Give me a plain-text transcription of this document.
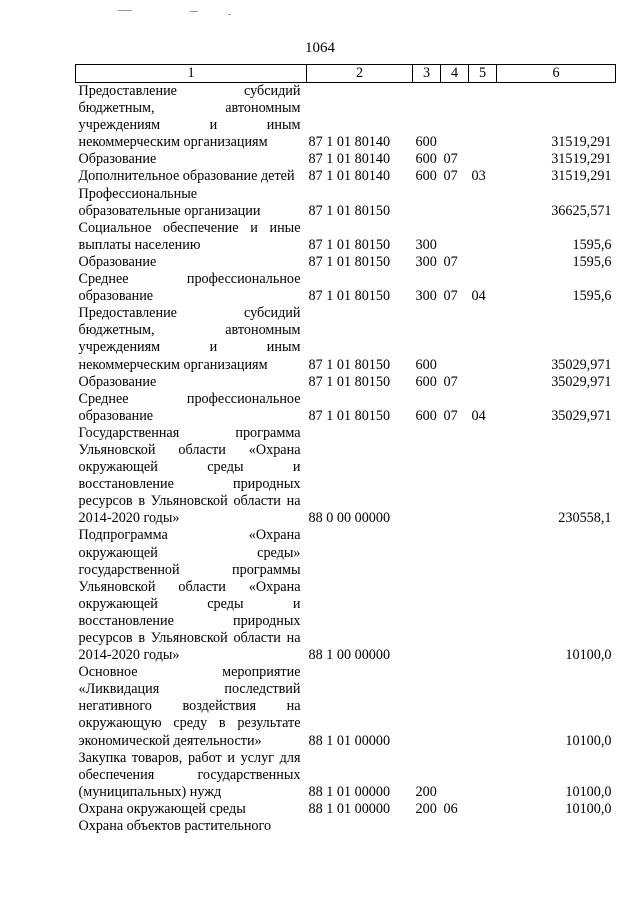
1064
1	2	3	4	5	6
Предоставление субсидий бюджетным, автономным учреждениям и иным некоммерческим организациям	87 1 01 80140	600			31519,291
Образование	87 1 01 80140	600	07		31519,291
Дополнительное образование детей	87 1 01 80140	600	07	03	31519,291
Профессиональные образовательные организации	87 1 01 80150				36625,571
Социальное обеспечение и иные выплаты населению	87 1 01 80150	300			1595,6
Образование	87 1 01 80150	300	07		1595,6
Среднее профессиональное образование	87 1 01 80150	300	07	04	1595,6
Предоставление субсидий бюджетным, автономным учреждениям и иным некоммерческим организациям	87 1 01 80150	600			35029,971
Образование	87 1 01 80150	600	07		35029,971
Среднее профессиональное образование	87 1 01 80150	600	07	04	35029,971
Государственная программа Ульяновской области «Охрана окружающей среды и восстановление природных ресурсов в Ульяновской области на 2014-2020 годы»	88 0 00 00000				230558,1
Подпрограмма «Охрана окружающей среды» государственной программы Ульяновской области «Охрана окружающей среды и восстановление природных ресурсов в Ульяновской области на 2014-2020 годы»	88 1 00 00000				10100,0
Основное мероприятие «Ликвидация последствий негативного воздействия на окружающую среду в результате экономической деятельности»	88 1 01 00000				10100,0
Закупка товаров, работ и услуг для обеспечения государственных (муниципальных) нужд	88 1 01 00000	200			10100,0
Охрана окружающей среды	88 1 01 00000	200	06		10100,0
Охрана объектов растительного					
